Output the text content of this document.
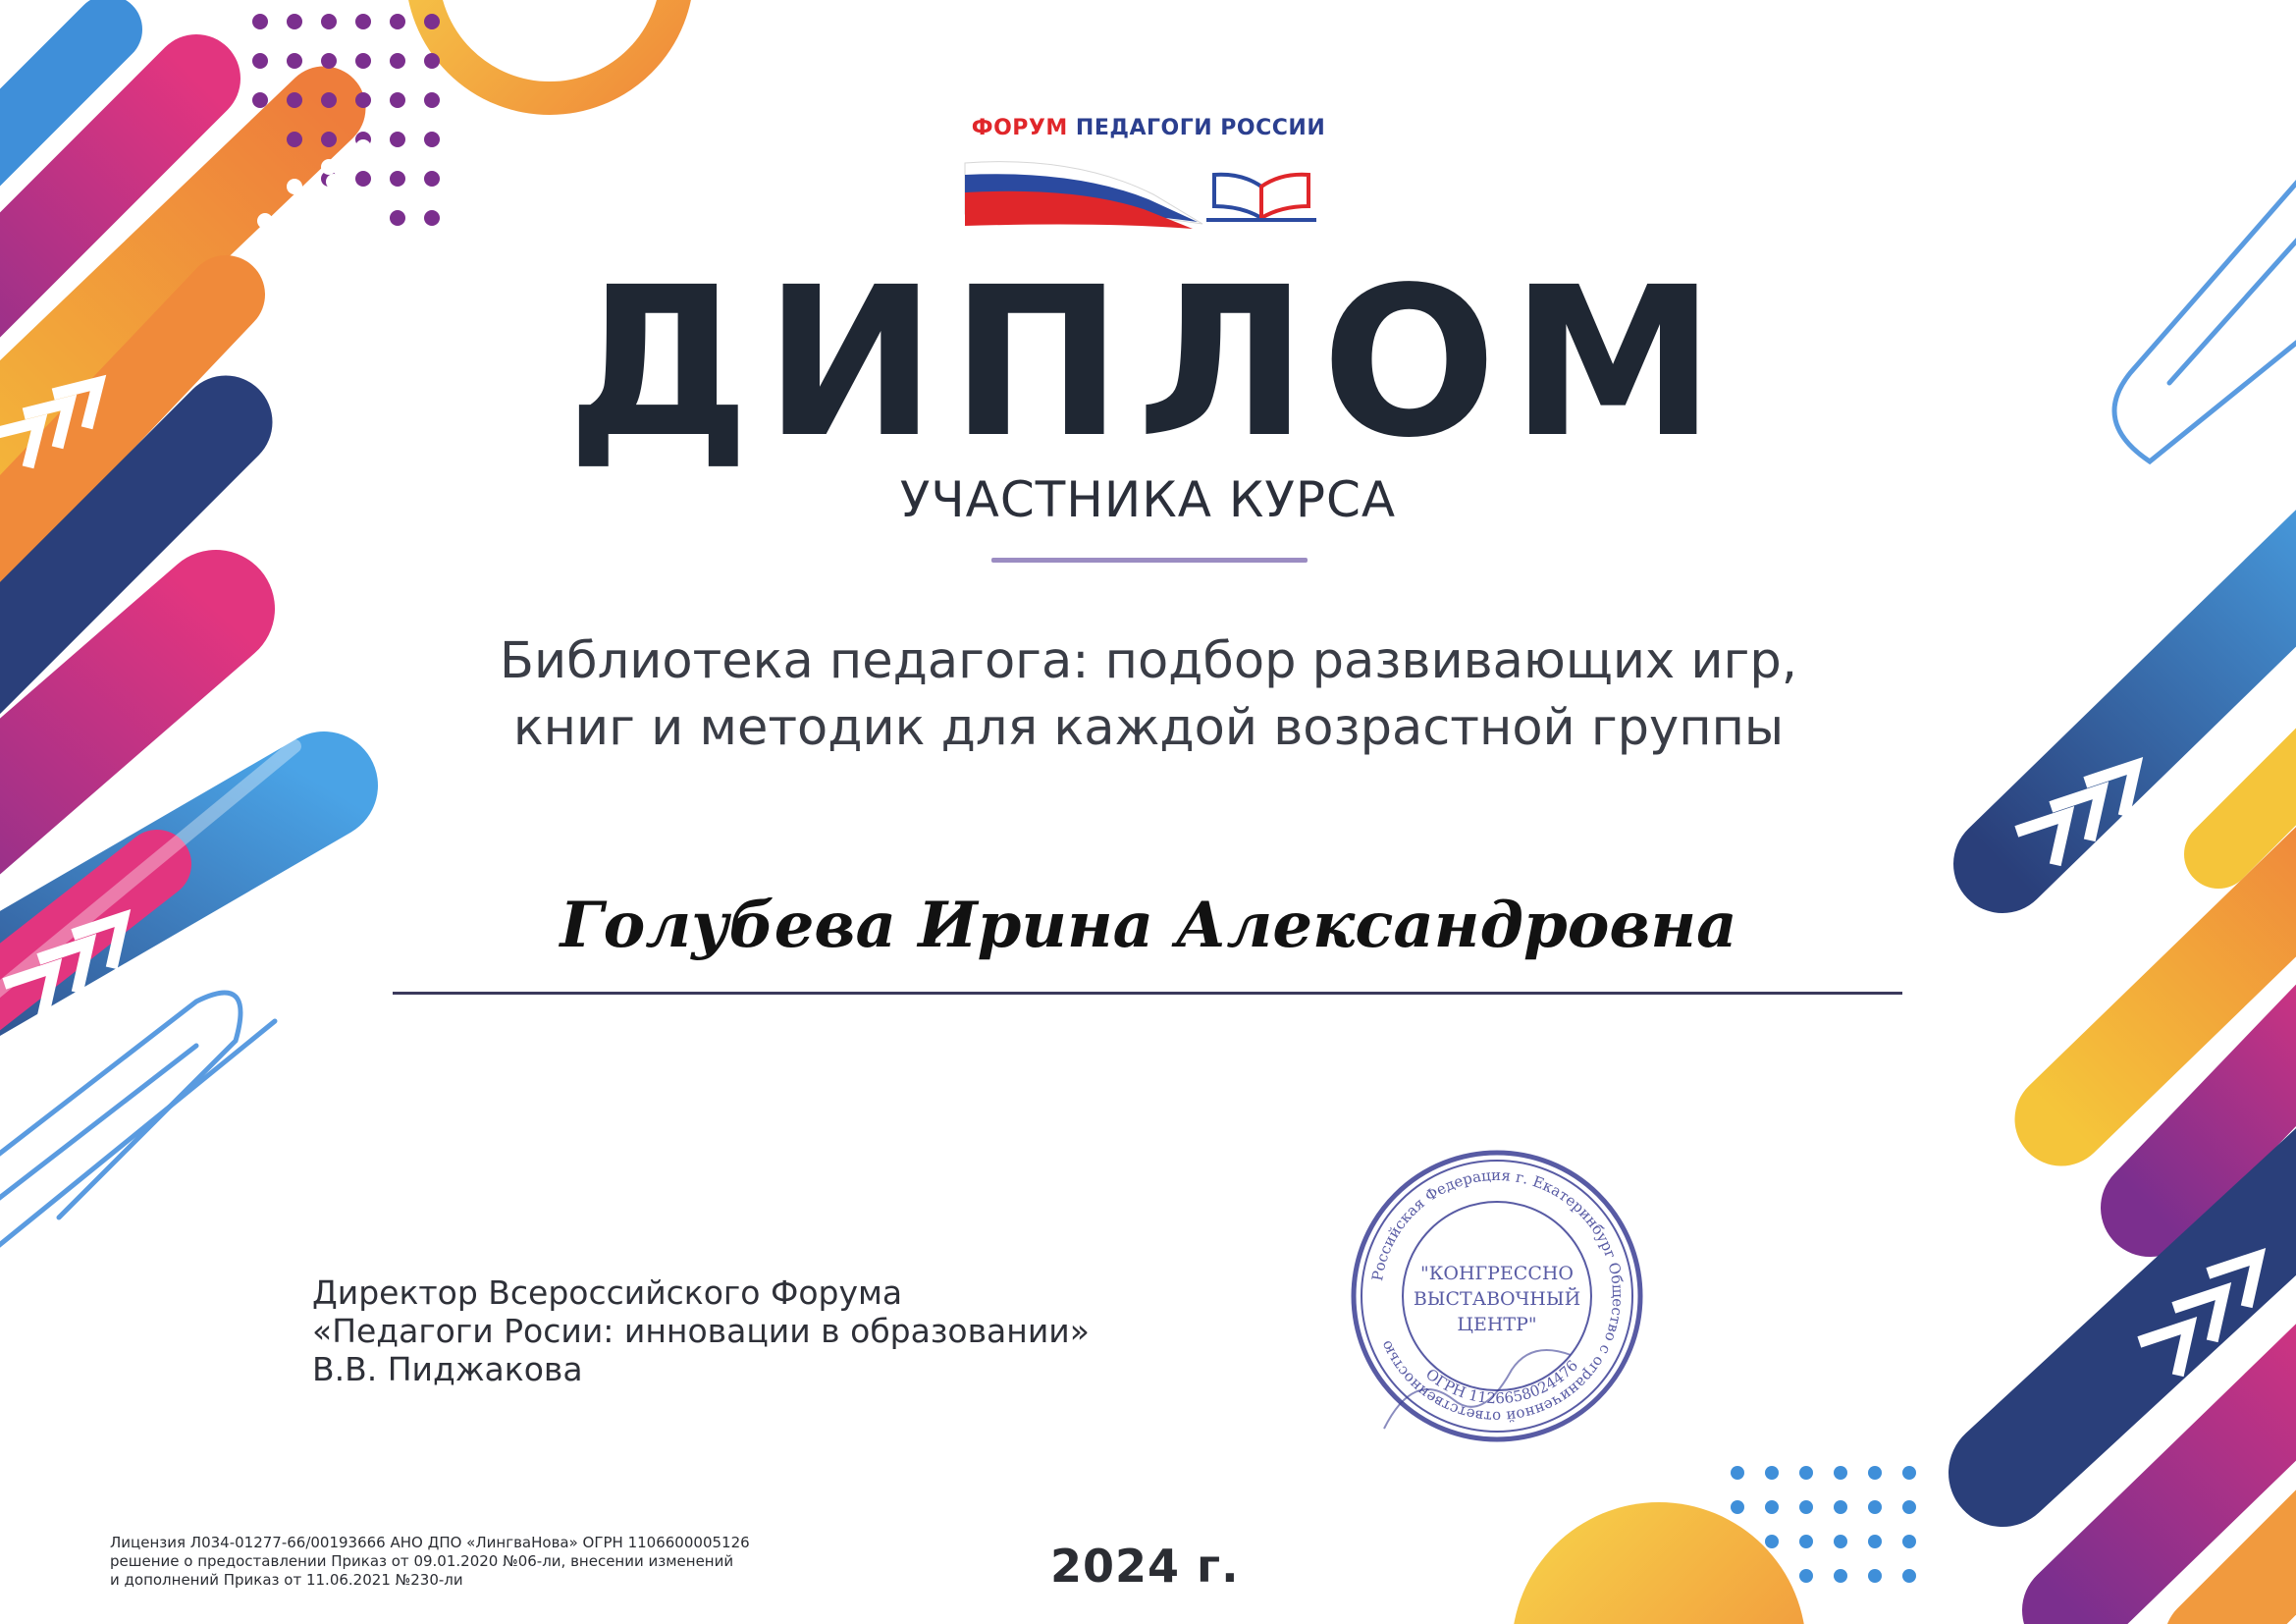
ФОРУМ ПЕДАГОГИ РОССИИ
ДИПЛОМ
УЧАСТНИКА КУРСА
Библиотека педагога: подбор развивающих игр,
книг и методик для каждой возрастной группы
Голубева Ирина Александровна
Директор Всероссийского Форума
«Педагоги Росии: инновации в образовании»
В.В. Пиджакова
Российская Федерация г. Екатеринбург Общество с ограниченной ответственностью
ОГРН 1126658024476
"КОНГРЕССНО
ВЫСТАВОЧНЫЙ
ЦЕНТР"
Лицензия Л034-01277-66/00193666 АНО ДПО «ЛингваНова» ОГРН 1106600005126
решение о предоставлении Приказ от 09.01.2020 №06-ли, внесении изменений
и дополнений Приказ от 11.06.2021 №230-ли	2024 г.
